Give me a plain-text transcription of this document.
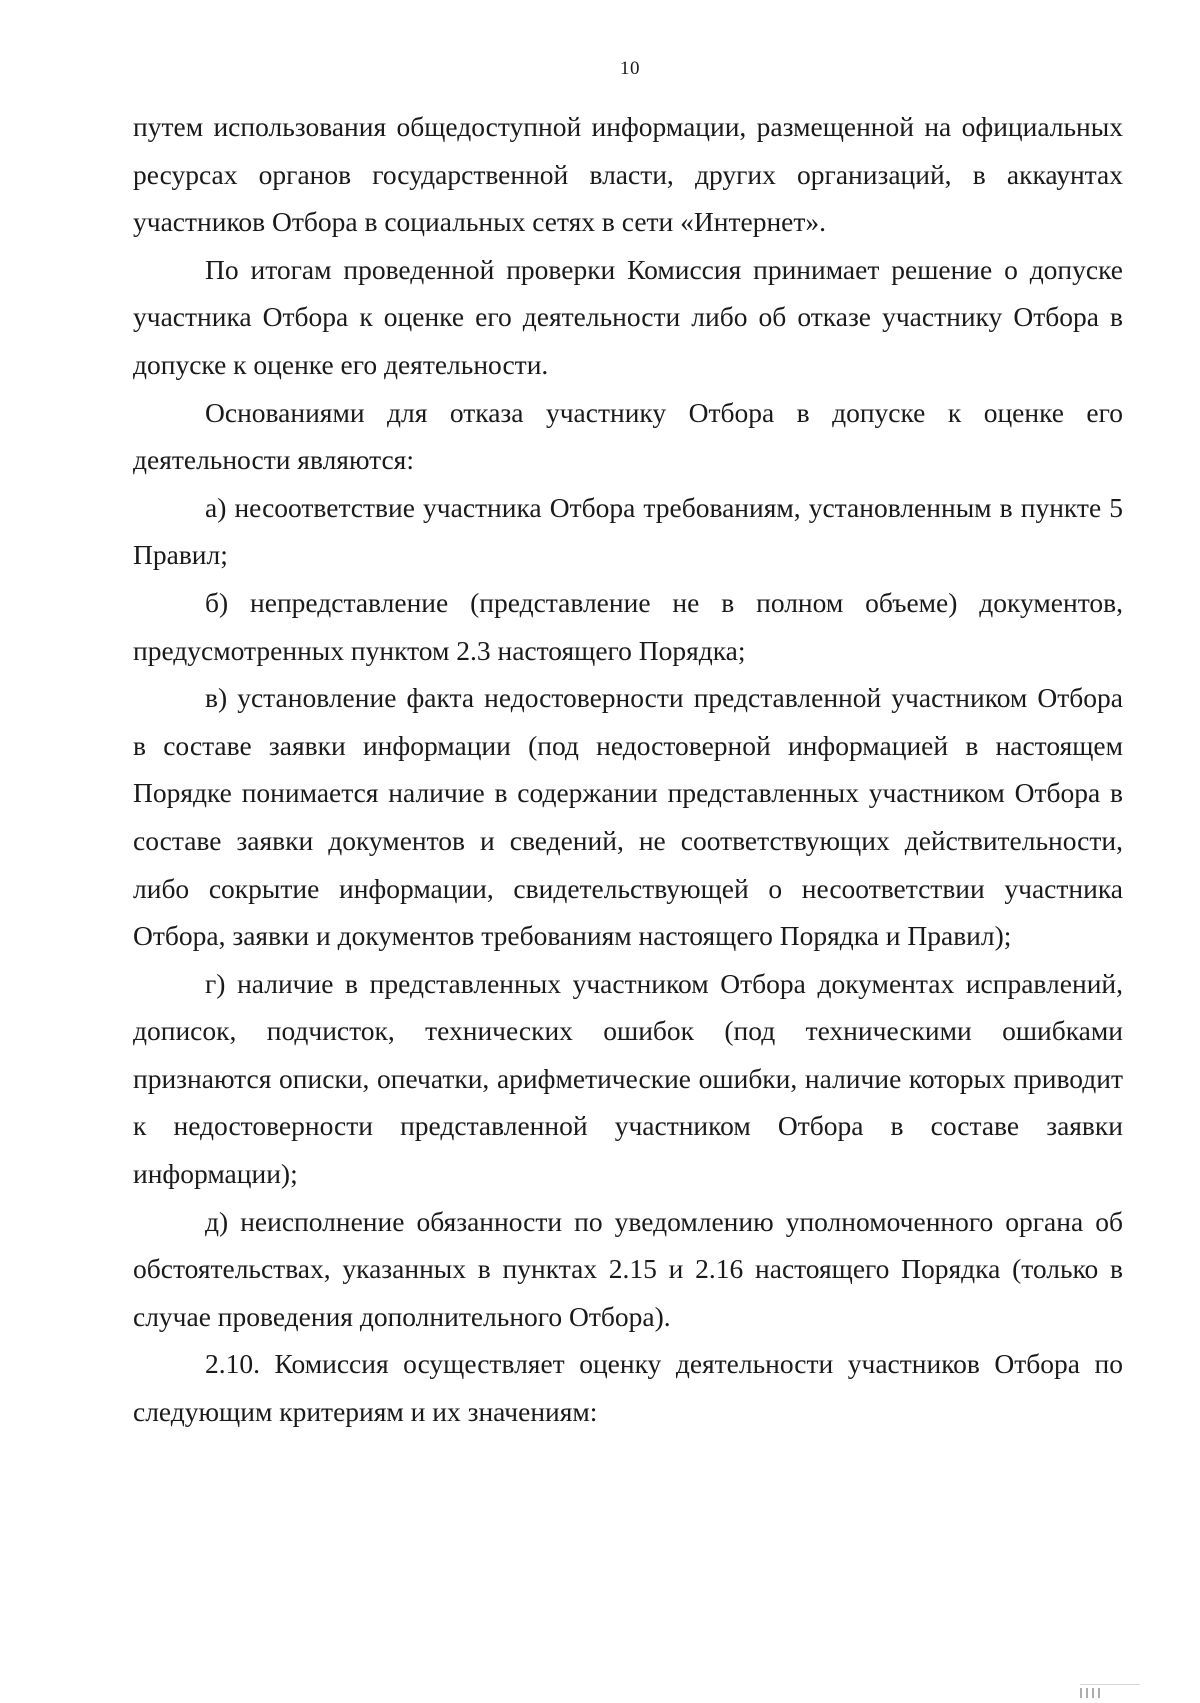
10

путем использования общедоступной информации, размещенной на официальных ресурсах органов государственной власти, других организаций, в аккаунтах участников Отбора в социальных сетях в сети «Интернет».

По итогам проведенной проверки Комиссия принимает решение о допуске участника Отбора к оценке его деятельности либо об отказе участнику Отбора в допуске к оценке его деятельности.

Основаниями для отказа участнику Отбора в допуске к оценке его деятельности являются:

а) несоответствие участника Отбора требованиям, установленным в пункте 5 Правил;

б) непредставление (представление не в полном объеме) документов, предусмотренных пунктом 2.3 настоящего Порядка;

в) установление факта недостоверности представленной участником Отбора в составе заявки информации (под недостоверной информацией в настоящем Порядке понимается наличие в содержании представленных участником Отбора в составе заявки документов и сведений, не соответствующих действительности, либо сокрытие информации, свидетельствующей о несоответствии участника Отбора, заявки и документов требованиям настоящего Порядка и Правил);

г) наличие в представленных участником Отбора документах исправлений, дописок, подчисток, технических ошибок (под техническими ошибками признаются описки, опечатки, арифметические ошибки, наличие которых приводит к недостоверности представленной участником Отбора в составе заявки информации);

д) неисполнение обязанности по уведомлению уполномоченного органа об обстоятельствах, указанных в пунктах 2.15 и 2.16 настоящего Порядка (только в случае проведения дополнительного Отбора).

2.10. Комиссия осуществляет оценку деятельности участников Отбора по следующим критериям и их значениям:
